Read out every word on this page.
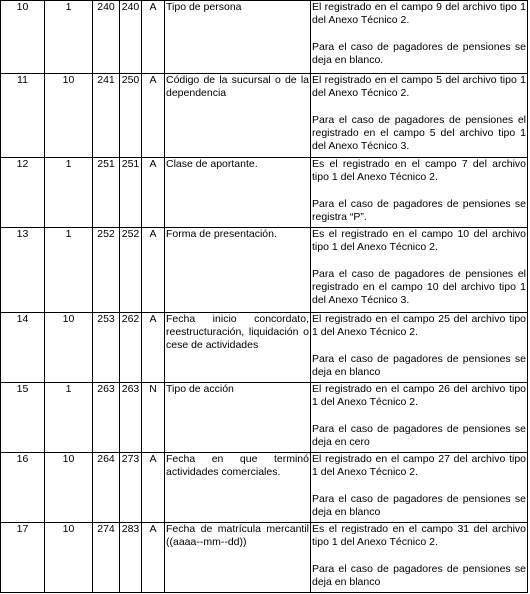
10	1	240	240	A	Tipo de persona	El registrado en el campo 9 del archivo tipo 1 del Anexo Técnico 2.

Para el caso de pagadores de pensiones se deja en blanco.

11	10	241	250	A	Código de la sucursal o de la dependencia	El registrado en el campo 5 del archivo tipo 1 del Anexo Técnico 2.

Para el caso de pagadores de pensiones el registrado en el campo 5 del archivo tipo 1 del Anexo Técnico 3.

12	1	251	251	A	Clase de aportante.	Es el registrado en el campo 7 del archivo tipo 1 del Anexo Técnico 2.

Para el caso de pagadores de pensiones se registra “P”.

13	1	252	252	A	Forma de presentación.	Es el registrado en el campo 10 del archivo tipo 1 del Anexo Técnico 2.

Para el caso de pagadores de pensiones el registrado en el campo 10 del archivo tipo 1 del Anexo Técnico 3.

14	10	253	262	A	Fecha inicio concordato, reestructuración, liquidación o cese de actividades	El registrado en el campo 25 del archivo tipo 1 del Anexo Técnico 2.

Para el caso de pagadores de pensiones se deja en blanco

15	1	263	263	N	Tipo de acción	El registrado en el campo 26 del archivo tipo 1 del Anexo Técnico 2.

Para el caso de pagadores de pensiones se deja en cero

16	10	264	273	A	Fecha en que terminó actividades comerciales.	El registrado en el campo 27 del archivo tipo 1 del Anexo Técnico 2.

Para el caso de pagadores de pensiones se deja en blanco

17	10	274	283	A	Fecha de matrícula mercantil ((aaaa--mm--dd))	Es el registrado en el campo 31 del archivo tipo 1 del Anexo Técnico 2.

Para el caso de pagadores de pensiones se deja en blanco
